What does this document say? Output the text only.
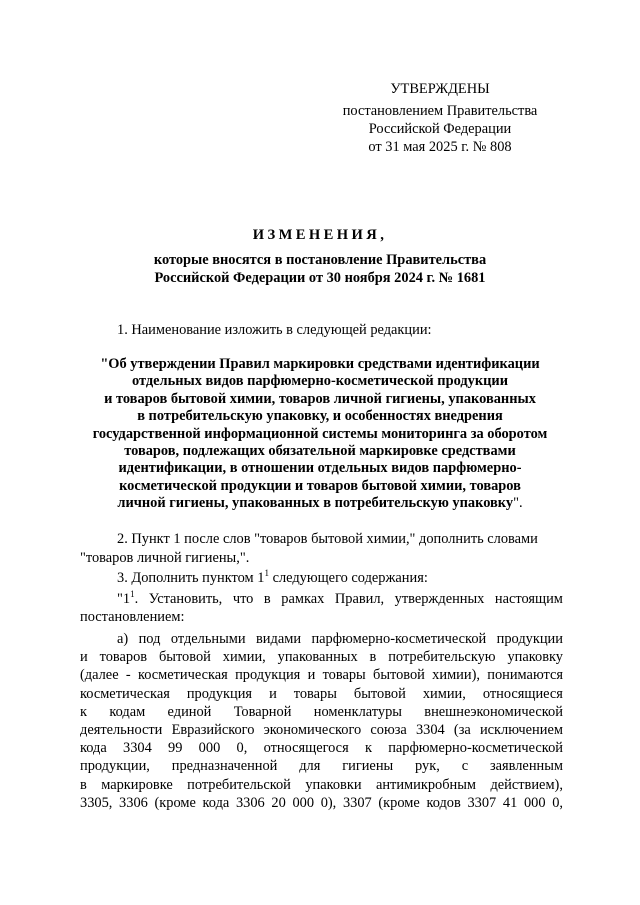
УТВЕРЖДЕНЫ
постановлением Правительства
Российской Федерации
от 31 мая 2025 г. № 808
ИЗМЕНЕНИЯ,
которые вносятся в постановление Правительства
Российской Федерации от 30 ноября 2024 г. № 1681
1. Наименование изложить в следующей редакции:
"Об утверждении Правил маркировки средствами идентификации
отдельных видов парфюмерно-косметической продукции
и товаров бытовой химии, товаров личной гигиены, упакованных
в потребительскую упаковку, и особенностях внедрения
государственной информационной системы мониторинга за оборотом
товаров, подлежащих обязательной маркировке средствами
идентификации, в отношении отдельных видов парфюмерно-
косметической продукции и товаров бытовой химии, товаров
личной гигиены, упакованных в потребительскую упаковку".
2. Пункт 1 после слов "товаров бытовой химии," дополнить словами
"товаров личной гигиены,".
3. Дополнить пунктом $1^1$ следующего содержания:
"$1^1$. Установить, что в рамках Правил, утвержденных настоящим
постановлением:
а) под отдельными видами парфюмерно-косметической продукции
и товаров бытовой химии, упакованных в потребительскую упаковку
(далее - косметическая продукция и товары бытовой химии), понимаются
косметическая продукция и товары бытовой химии, относящиеся
к кодам единой Товарной номенклатуры внешнеэкономической
деятельности Евразийского экономического союза 3304 (за исключением
кода 3304 99 000 0, относящегося к парфюмерно-косметической
продукции, предназначенной для гигиены рук, с заявленным
в маркировке потребительской упаковки антимикробным действием),
3305, 3306 (кроме кода 3306 20 000 0), 3307 (кроме кодов 3307 41 000 0,
